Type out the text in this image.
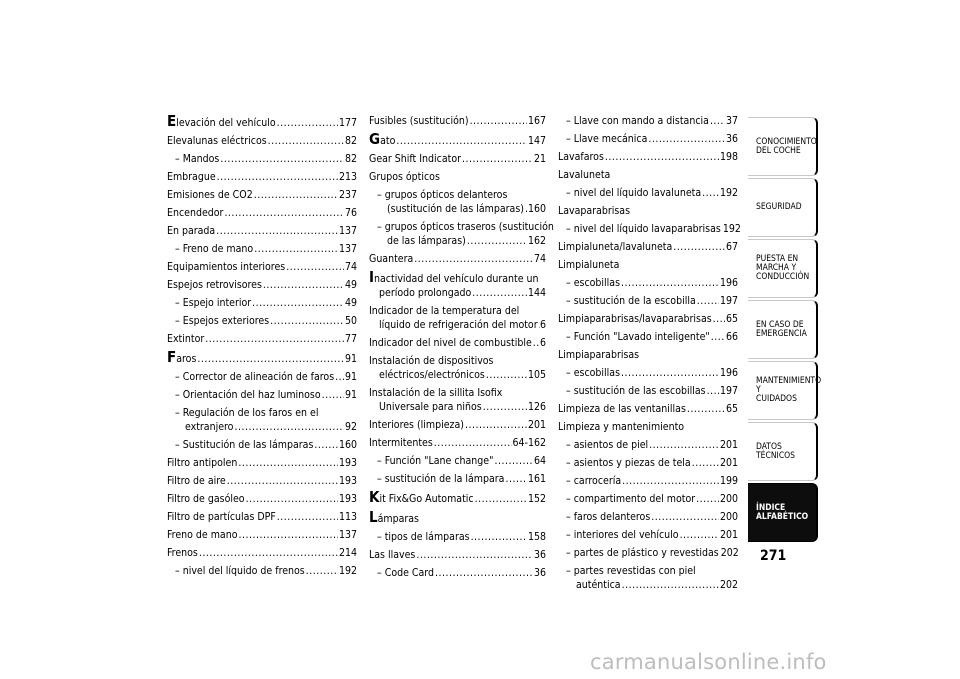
Elevación del vehículo .....	177
Elevalunas eléctricos .....	82
– Mandos .....	82
Embrague .....	213
Emisiones de CO2 .....	237
Encendedor .....	76
En parada .....	137
– Freno de mano .....	137
Equipamientos interiores .....	74
Espejos retrovisores .....	49
– Espejo interior .....	49
– Espejos exteriores .....	50
Extintor .....	77
Faros .....	91
– Corrector de alineación de faros ..... 91
– Orientación del haz luminoso ..... 91
– Regulación de los faros en el
extranjero .....	92
– Sustitución de las lámparas ..... 160
Filtro antipolen .....	193
Filtro de aire .....	193
Filtro de gasóleo .....	193
Filtro de partículas DPF .....	113
Freno de mano .....	137
Frenos .....	214
– nivel del líquido de frenos .....	192
Fusibles (sustitución) .....	167
Gato .....	147
Gear Shift Indicator .....	21
Grupos ópticos
– grupos ópticos delanteros
(sustitución de las lámparas) ..... 160
– grupos ópticos traseros (sustitución
de las lámparas) .....	162
Guantera .....	74
Inactividad del vehículo durante un
período prolongado .....	144
Indicador de la temperatura del
líquido de refrigeración del motor ..... 6
Indicador del nivel de combustible ..... 6
Instalación de dispositivos
eléctricos/electrónicos .....	105
Instalación de la sillita Isofix
Universale para niños .....	126
Interiores (limpieza) .....	201
Intermitentes .....	64-162
– Función "Lane change" .....	64
– sustitución de la lámpara ..... 161
Kit Fix&Go Automatic .....	152
Lámparas
– tipos de lámparas .....	158
Las llaves .....	36
– Code Card .....	36
– Llave con mando a distancia ..... 37
– Llave mecánica .....	36
Lavafaros .....	198
Lavaluneta
– nivel del líquido lavaluneta ..... 192
Lavaparabrisas
– nivel del líquido lavaparabrisas 192
Limpialuneta/lavaluneta .....	67
Limpialuneta
– escobillas .....	196
– sustitución de la escobilla ..... 197
Limpiaparabrisas/lavaparabrisas ..... 65
– Función "Lavado inteligente" ..... 66
Limpiaparabrisas
– escobillas .....	196
– sustitución de las escobillas ..... 197
Limpieza de las ventanillas .....	65
Limpieza y mantenimiento
– asientos de piel .....	201
– asientos y piezas de tela .....	201
– carrocería .....	199
– compartimento del motor ..... 200
– faros delanteros .....	200
– interiores del vehículo .....	201
– partes de plástico y revestidas 202
– partes revestidas con piel
auténtica .....	202
CONOCIMIENTO
DEL COCHE
SEGURIDAD
PUESTA EN
MARCHA Y
CONDUCCIÓN
EN CASO DE
EMERGENCIA
MANTENIMIENTO Y
CUIDADOS
DATOS TÉCNICOS
ÍNDICE
ALFABÉTICO
271
carmanualsonline.info
